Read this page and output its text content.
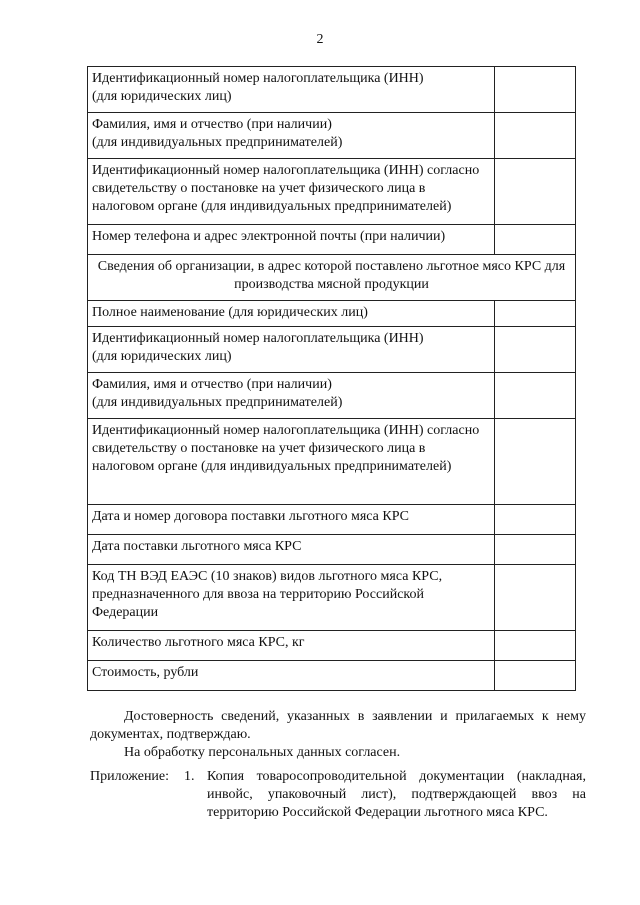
2
Идентификационный номер налогоплательщика (ИНН)
(для юридических лиц)	
Фамилия, имя и отчество (при наличии)
(для индивидуальных предпринимателей)	
Идентификационный номер налогоплательщика (ИНН) согласно свидетельству о постановке на учет физического лица в налоговом органе (для индивидуальных предпринимателей)	
Номер телефона и адрес электронной почты (при наличии)	
Сведения об организации, в адрес которой поставлено льготное мясо КРС для производства мясной продукции	
Полное наименование (для юридических лиц)	
Идентификационный номер налогоплательщика (ИНН)
(для юридических лиц)	
Фамилия, имя и отчество (при наличии)
(для индивидуальных предпринимателей)	
Идентификационный номер налогоплательщика (ИНН) согласно свидетельству о постановке на учет физического лица в налоговом органе (для индивидуальных предпринимателей)	
Дата и номер договора поставки льготного мяса КРС	
Дата поставки льготного мяса КРС	
Код ТН ВЭД ЕАЭС (10 знаков) видов льготного мяса КРС, предназначенного для ввоза на территорию Российской Федерации	
Количество льготного мяса КРС, кг	
Стоимость, рубли	

Достоверность сведений, указанных в заявлении и прилагаемых к нему документах, подтверждаю.

На обработку персональных данных согласен.

Приложение: 1. Копия товаросопроводительной документации (накладная, инвойс, упаковочный лист), подтверждающей ввоз на территорию Российской Федерации льготного мяса КРС.
